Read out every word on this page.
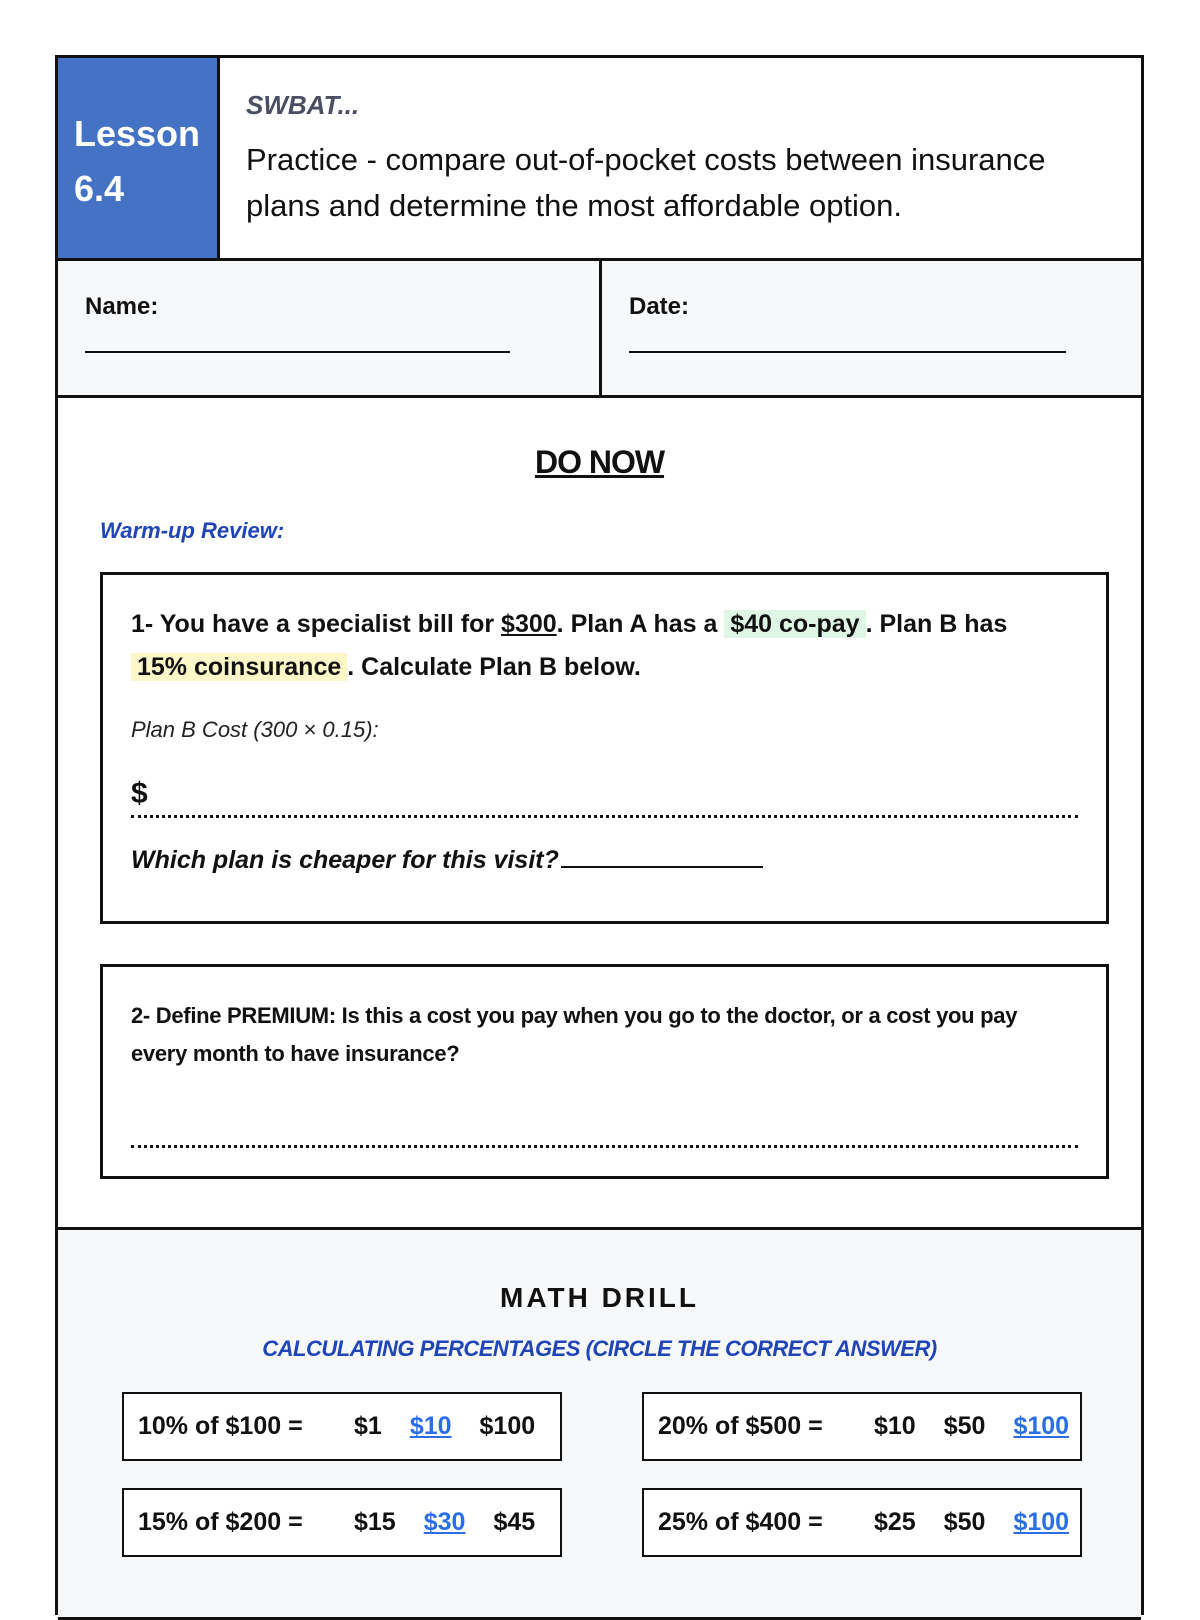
Lesson
6.4
SWBAT...
Practice - compare out-of-pocket costs between insurance
plans and determine the most affordable option.
Name:	Date:
DO NOW
Warm-up Review:
1- You have a specialist bill for $300. Plan A has a $40 co-pay . Plan B has
15% coinsurance . Calculate Plan B below.
Plan B Cost (300 × 0.15):
$
Which plan is cheaper for this visit?
2- Define PREMIUM: Is this a cost you pay when you go to the doctor, or a cost you pay
every month to have insurance?
MATH DRILL
CALCULATING PERCENTAGES (CIRCLE THE CORRECT ANSWER)
10% of $100 =	$1 $10 $100	20% of $500 =	$10 $50 $100
15% of $200 =	$15 $30 $45	25% of $400 =	$25 $50 $100
